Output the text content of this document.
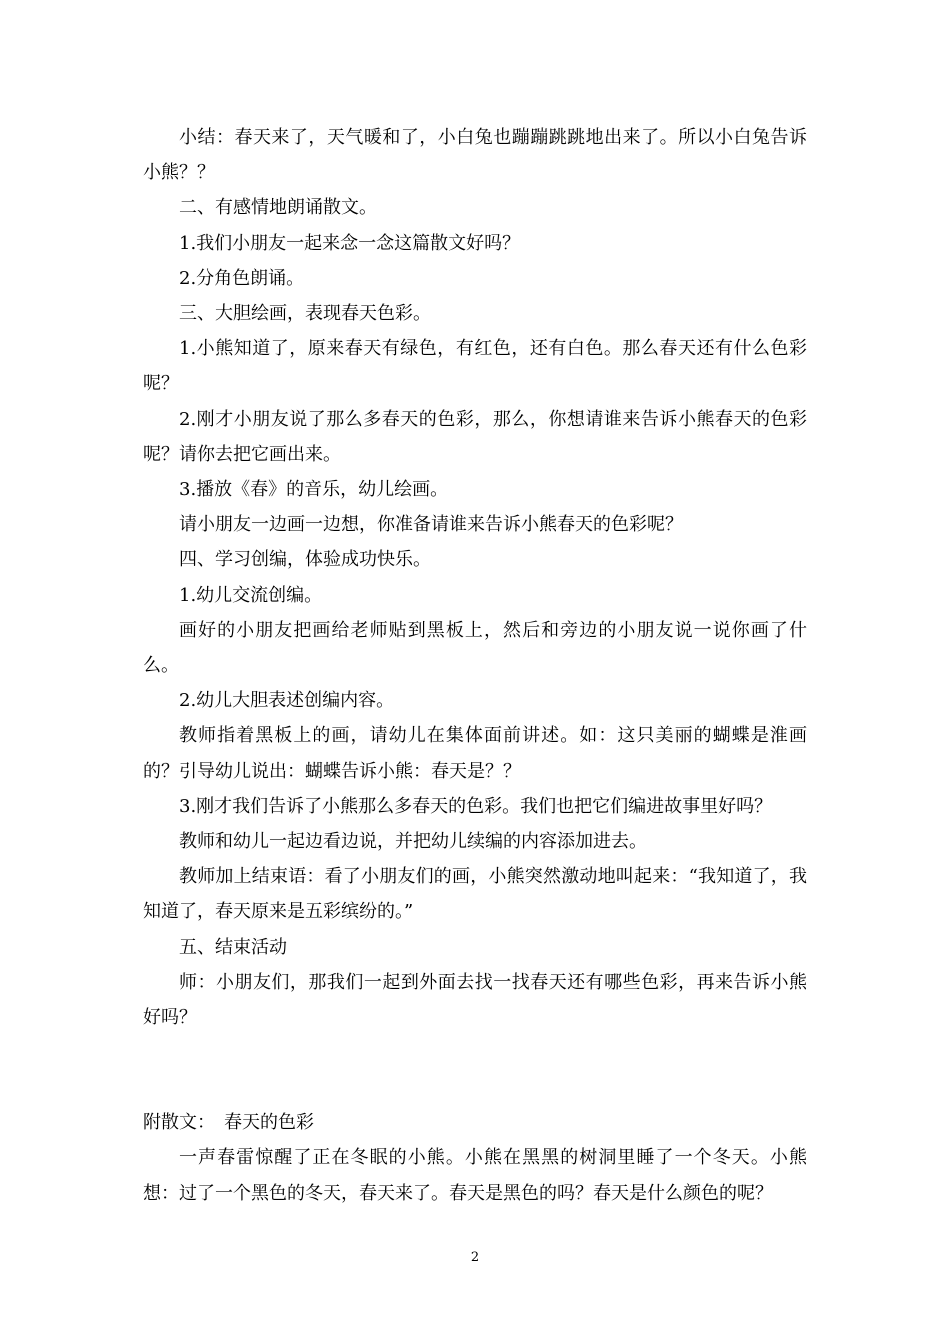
小结：春天来了，天气暖和了，小白兔也蹦蹦跳跳地出来了。所以小白兔告诉小熊？？

二、有感情地朗诵散文。

1.我们小朋友一起来念一念这篇散文好吗？

2.分角色朗诵。

三、大胆绘画，表现春天色彩。

1.小熊知道了，原来春天有绿色，有红色，还有白色。那么春天还有什么色彩呢？

2.刚才小朋友说了那么多春天的色彩，那么，你想请谁来告诉小熊春天的色彩呢？请你去把它画出来。

3.播放《春》的音乐，幼儿绘画。

请小朋友一边画一边想，你准备请谁来告诉小熊春天的色彩呢？

四、学习创编，体验成功快乐。

1.幼儿交流创编。

画好的小朋友把画给老师贴到黑板上，然后和旁边的小朋友说一说你画了什么。

2.幼儿大胆表述创编内容。

教师指着黑板上的画，请幼儿在集体面前讲述。如：这只美丽的蝴蝶是淮画的？引导幼儿说出：蝴蝶告诉小熊：春天是？？

3.刚才我们告诉了小熊那么多春天的色彩。我们也把它们编进故事里好吗？

教师和幼儿一起边看边说，并把幼儿续编的内容添加进去。

教师加上结束语：看了小朋友们的画，小熊突然激动地叫起来：“我知道了，我知道了，春天原来是五彩缤纷的。”

五、结束活动

师：小朋友们，那我们一起到外面去找一找春天还有哪些色彩，再来告诉小熊好吗？

附散文：　春天的色彩

一声春雷惊醒了正在冬眠的小熊。小熊在黑黑的树洞里睡了一个冬天。小熊想：过了一个黑色的冬天，春天来了。春天是黑色的吗？春天是什么颜色的呢？

2
